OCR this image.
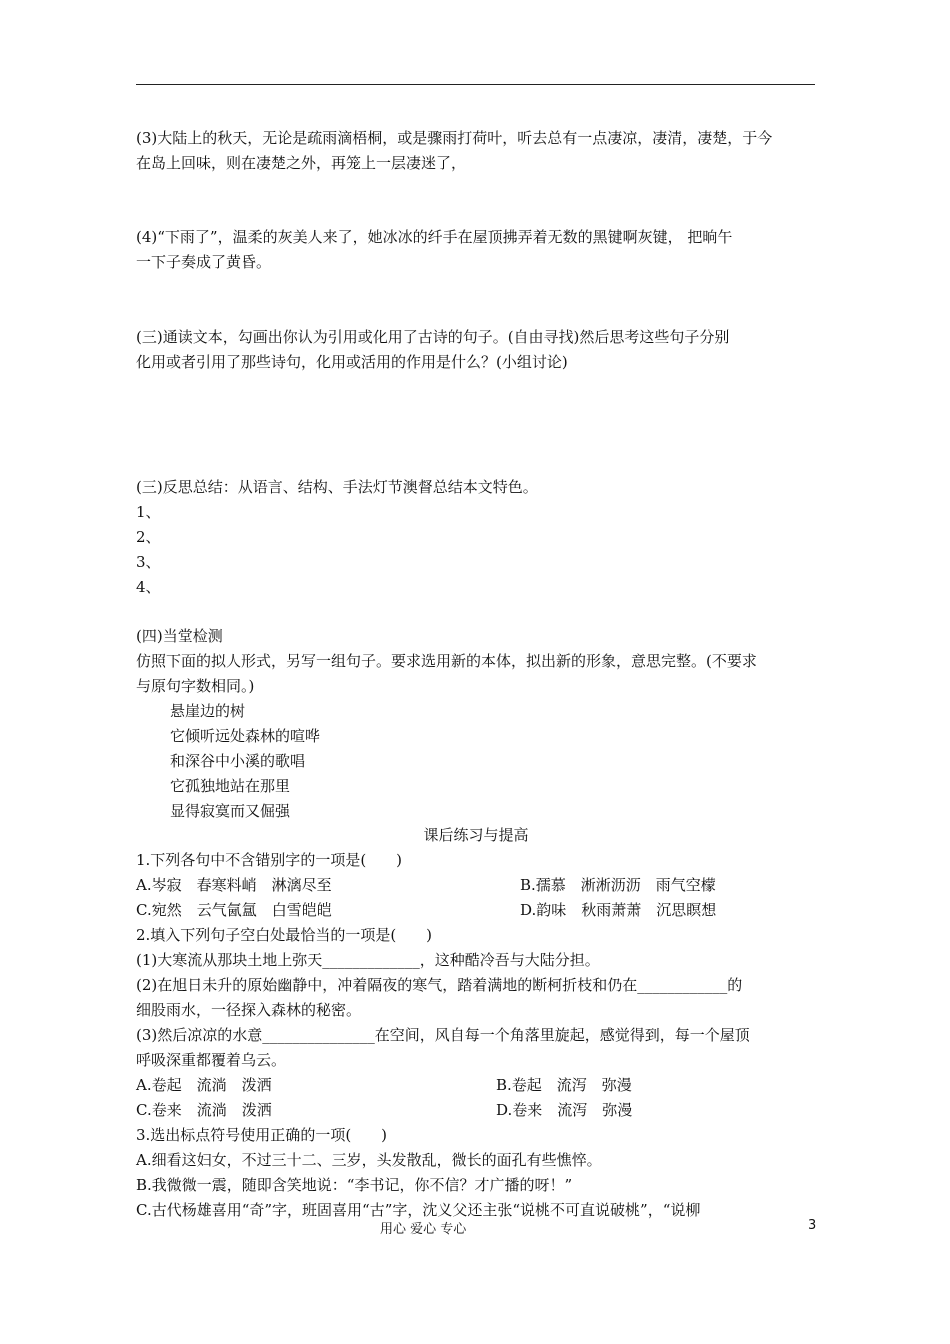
(3)大陆上的秋天，无论是疏雨滴梧桐，或是骤雨打荷叶，听去总有一点凄凉，凄清，凄楚，于今
在岛上回味，则在凄楚之外，再笼上一层凄迷了，
(4)“下雨了”，温柔的灰美人来了，她冰冰的纤手在屋顶拂弄着无数的黑键啊灰键， 把晌午
一下子奏成了黄昏。
(三)通读文本，勾画出你认为引用或化用了古诗的句子。(自由寻找)然后思考这些句子分别
化用或者引用了那些诗句，化用或活用的作用是什么？(小组讨论)
(三)反思总结：从语言、结构、手法灯节澳督总结本文特色。
1、
2、
3、
4、
(四)当堂检测
仿照下面的拟人形式，另写一组句子。要求选用新的本体，拟出新的形象，意思完整。(不要求
与原句字数相同。)
悬崖边的树
它倾听远处森林的喧哗
和深谷中小溪的歌唱
它孤独地站在那里
显得寂寞而又倔强
课后练习与提高
1.下列各句中不含错别字的一项是(　　)
A.岑寂　春寒料峭　淋漓尽至	B.孺慕　淅淅沥沥　雨气空檬
C.宛然　云气氤氲　白雪皑皑	D.韵味　秋雨萧萧　沉思瞑想
2.填入下列句子空白处最恰当的一项是(　　)
(1)大寒流从那块土地上弥天_____________，这种酷冷吾与大陆分担。
(2)在旭日未升的原始幽静中，冲着隔夜的寒气，踏着满地的断柯折枝和仍在____________的
细股雨水，一径探入森林的秘密。
(3)然后凉凉的水意_______________在空间，风自每一个角落里旋起，感觉得到，每一个屋顶
呼吸深重都覆着乌云。
A.卷起　流淌　泼洒	B.卷起　流泻　弥漫
C.卷来　流淌　泼洒	D.卷来　流泻　弥漫
3.选出标点符号使用正确的一项(　　)
A.细看这妇女，不过三十二、三岁，头发散乱，微长的面孔有些憔悴。
B.我微微一震，随即含笑地说：“李书记，你不信？才广播的呀！”
C.古代杨雄喜用“奇”字，班固喜用“古”字，沈义父还主张“说桃不可直说破桃”，“说柳
用心 爱心 专心	3
